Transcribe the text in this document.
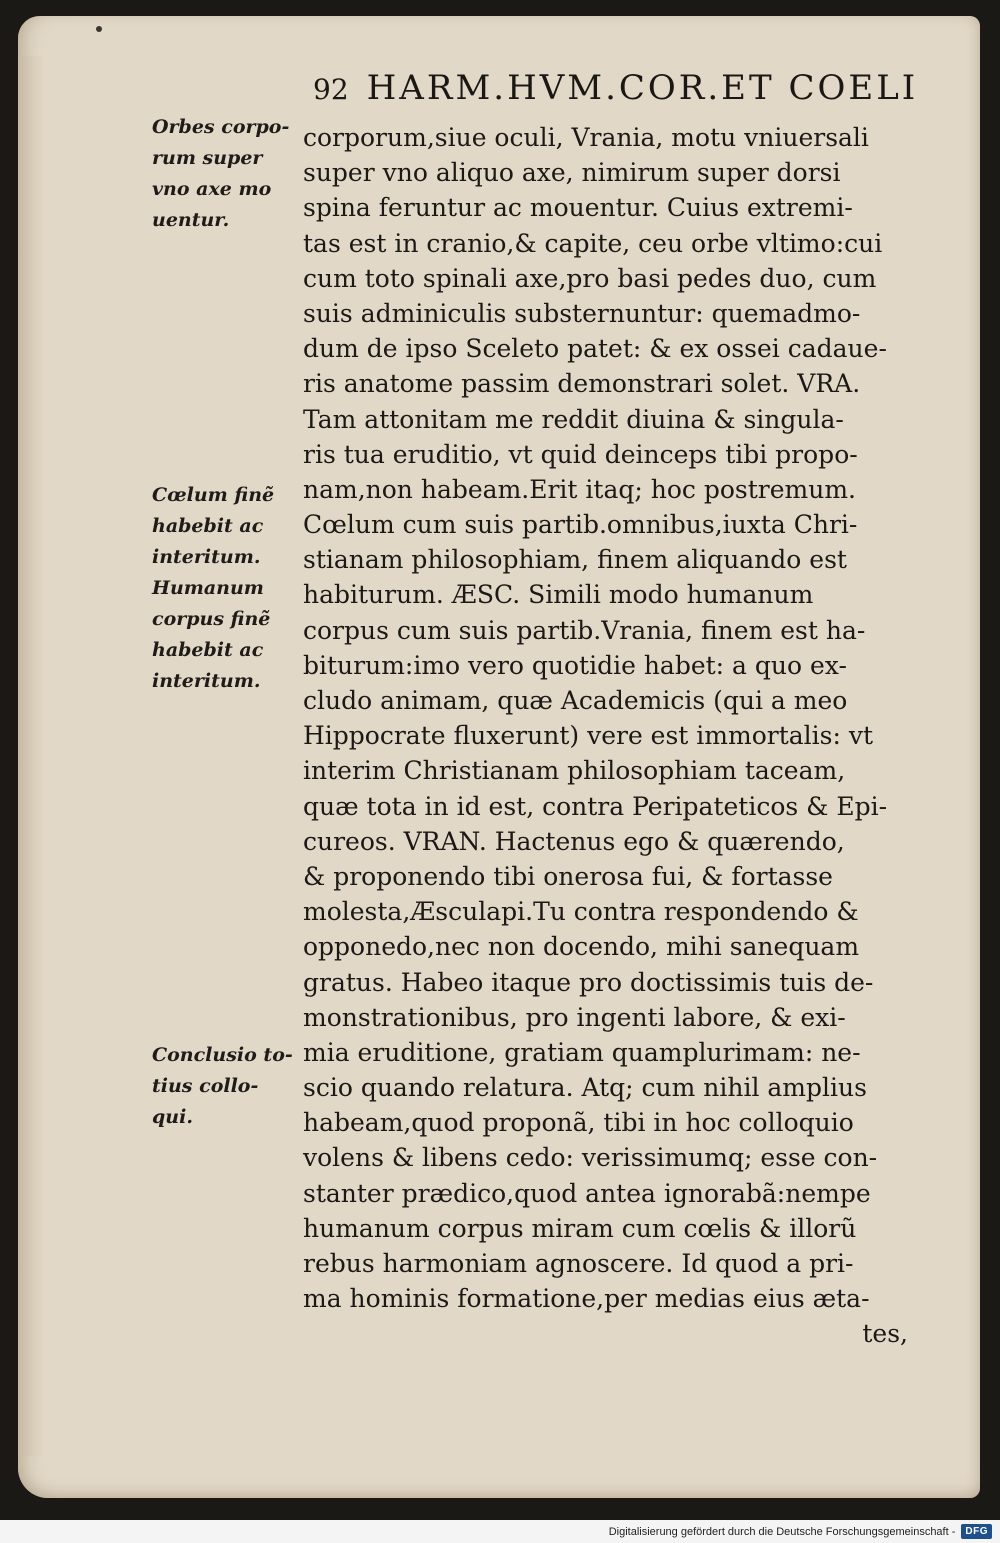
92 HARM.HVM.COR.ET COELI
Orbes corpo-
rum super
vno axe mo
uentur.
Cœlum finẽ
habebit ac
interitum.
Humanum
corpus finẽ
habebit ac
interitum.
Conclusio to-
tius collo-
qui.
corporum,siue oculi, Vrania, motu vniuersali
super vno aliquo axe, nimirum super dorsi
spina feruntur ac mouentur. Cuius extremi-
tas est in cranio,& capite, ceu orbe vltimo:cui
cum toto spinali axe,pro basi pedes duo, cum
suis adminiculis substernuntur: quemadmo-
dum de ipso Sceleto patet: & ex ossei cadaue-
ris anatome passim demonstrari solet. VRA.
Tam attonitam me reddit diuina & singula-
ris tua eruditio, vt quid deinceps tibi propo-
nam,non habeam.Erit itaq; hoc postremum.
Cœlum cum suis partib.omnibus,iuxta Chri-
stianam philosophiam, finem aliquando est
habiturum. ÆSC. Simili modo humanum
corpus cum suis partib.Vrania, finem est ha-
biturum:imo vero quotidie habet: a quo ex-
cludo animam, quæ Academicis (qui a meo
Hippocrate fluxerunt) vere est immortalis: vt
interim Christianam philosophiam taceam,
quæ tota in id est, contra Peripateticos & Epi-
cureos. VRAN. Hactenus ego & quærendo,
& proponendo tibi onerosa fui, & fortasse
molesta,Æsculapi.Tu contra respondendo &
opponedo,nec non docendo, mihi sanequam
gratus. Habeo itaque pro doctissimis tuis de-
monstrationibus, pro ingenti labore, & exi-
mia eruditione, gratiam quamplurimam: ne-
scio quando relatura. Atq; cum nihil amplius
habeam,quod proponã, tibi in hoc colloquio
volens & libens cedo: verissimumq; esse con-
stanter prædico,quod antea ignorabã:nempe
humanum corpus miram cum cœlis & illorũ
rebus harmoniam agnoscere. Id quod a pri-
ma hominis formatione,per medias eius æta-
tes,
Digitalisierung gefördert durch die Deutsche Forschungsgemeinschaft -	DFG
